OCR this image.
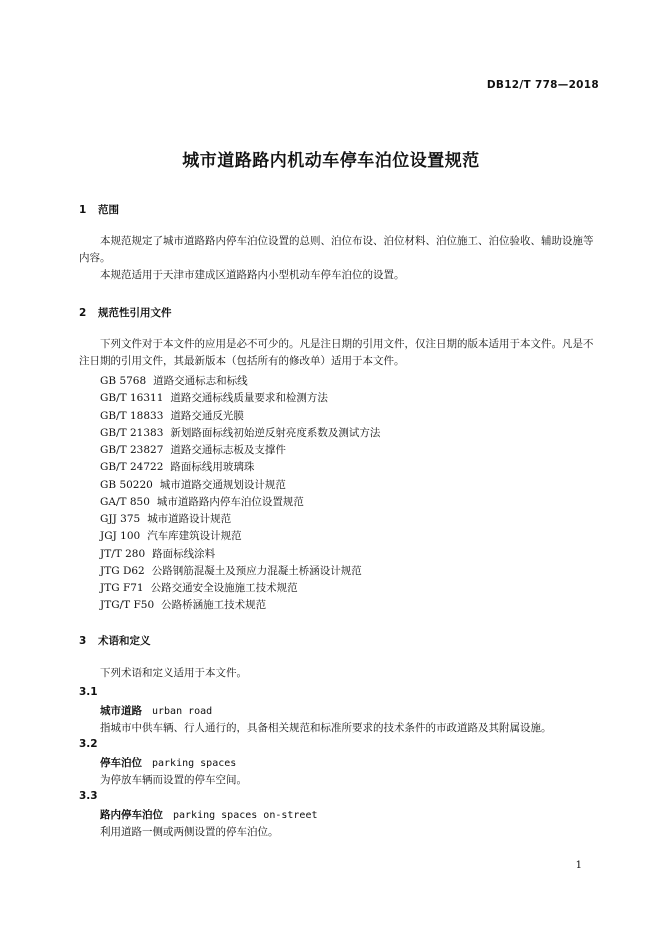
DB12/T 778—2018
城市道路路内机动车停车泊位设置规范
1 范围
本规范规定了城市道路路内停车泊位设置的总则、泊位布设、泊位材料、泊位施工、泊位验收、辅助设施等内容。
本规范适用于天津市建成区道路路内小型机动车停车泊位的设置。
2 规范性引用文件
下列文件对于本文件的应用是必不可少的。凡是注日期的引用文件，仅注日期的版本适用于本文件。凡是不注日期的引用文件，其最新版本（包括所有的修改单）适用于本文件。
GB 5768 道路交通标志和标线
GB/T 16311 道路交通标线质量要求和检测方法
GB/T 18833 道路交通反光膜
GB/T 21383 新划路面标线初始逆反射亮度系数及测试方法
GB/T 23827 道路交通标志板及支撑件
GB/T 24722 路面标线用玻璃珠
GB 50220 城市道路交通规划设计规范
GA/T 850 城市道路路内停车泊位设置规范
GJJ 375 城市道路设计规范
JGJ 100 汽车库建筑设计规范
JT/T 280 路面标线涂料
JTG D62 公路钢筋混凝土及预应力混凝土桥涵设计规范
JTG F71 公路交通安全设施施工技术规范
JTG/T F50 公路桥涵施工技术规范
3 术语和定义
下列术语和定义适用于本文件。
3.1
城市道路 urban road
指城市中供车辆、行人通行的，具备相关规范和标准所要求的技术条件的市政道路及其附属设施。
3.2
停车泊位 parking spaces
为停放车辆而设置的停车空间。
3.3
路内停车泊位 parking spaces on-street
利用道路一侧或两侧设置的停车泊位。
1
